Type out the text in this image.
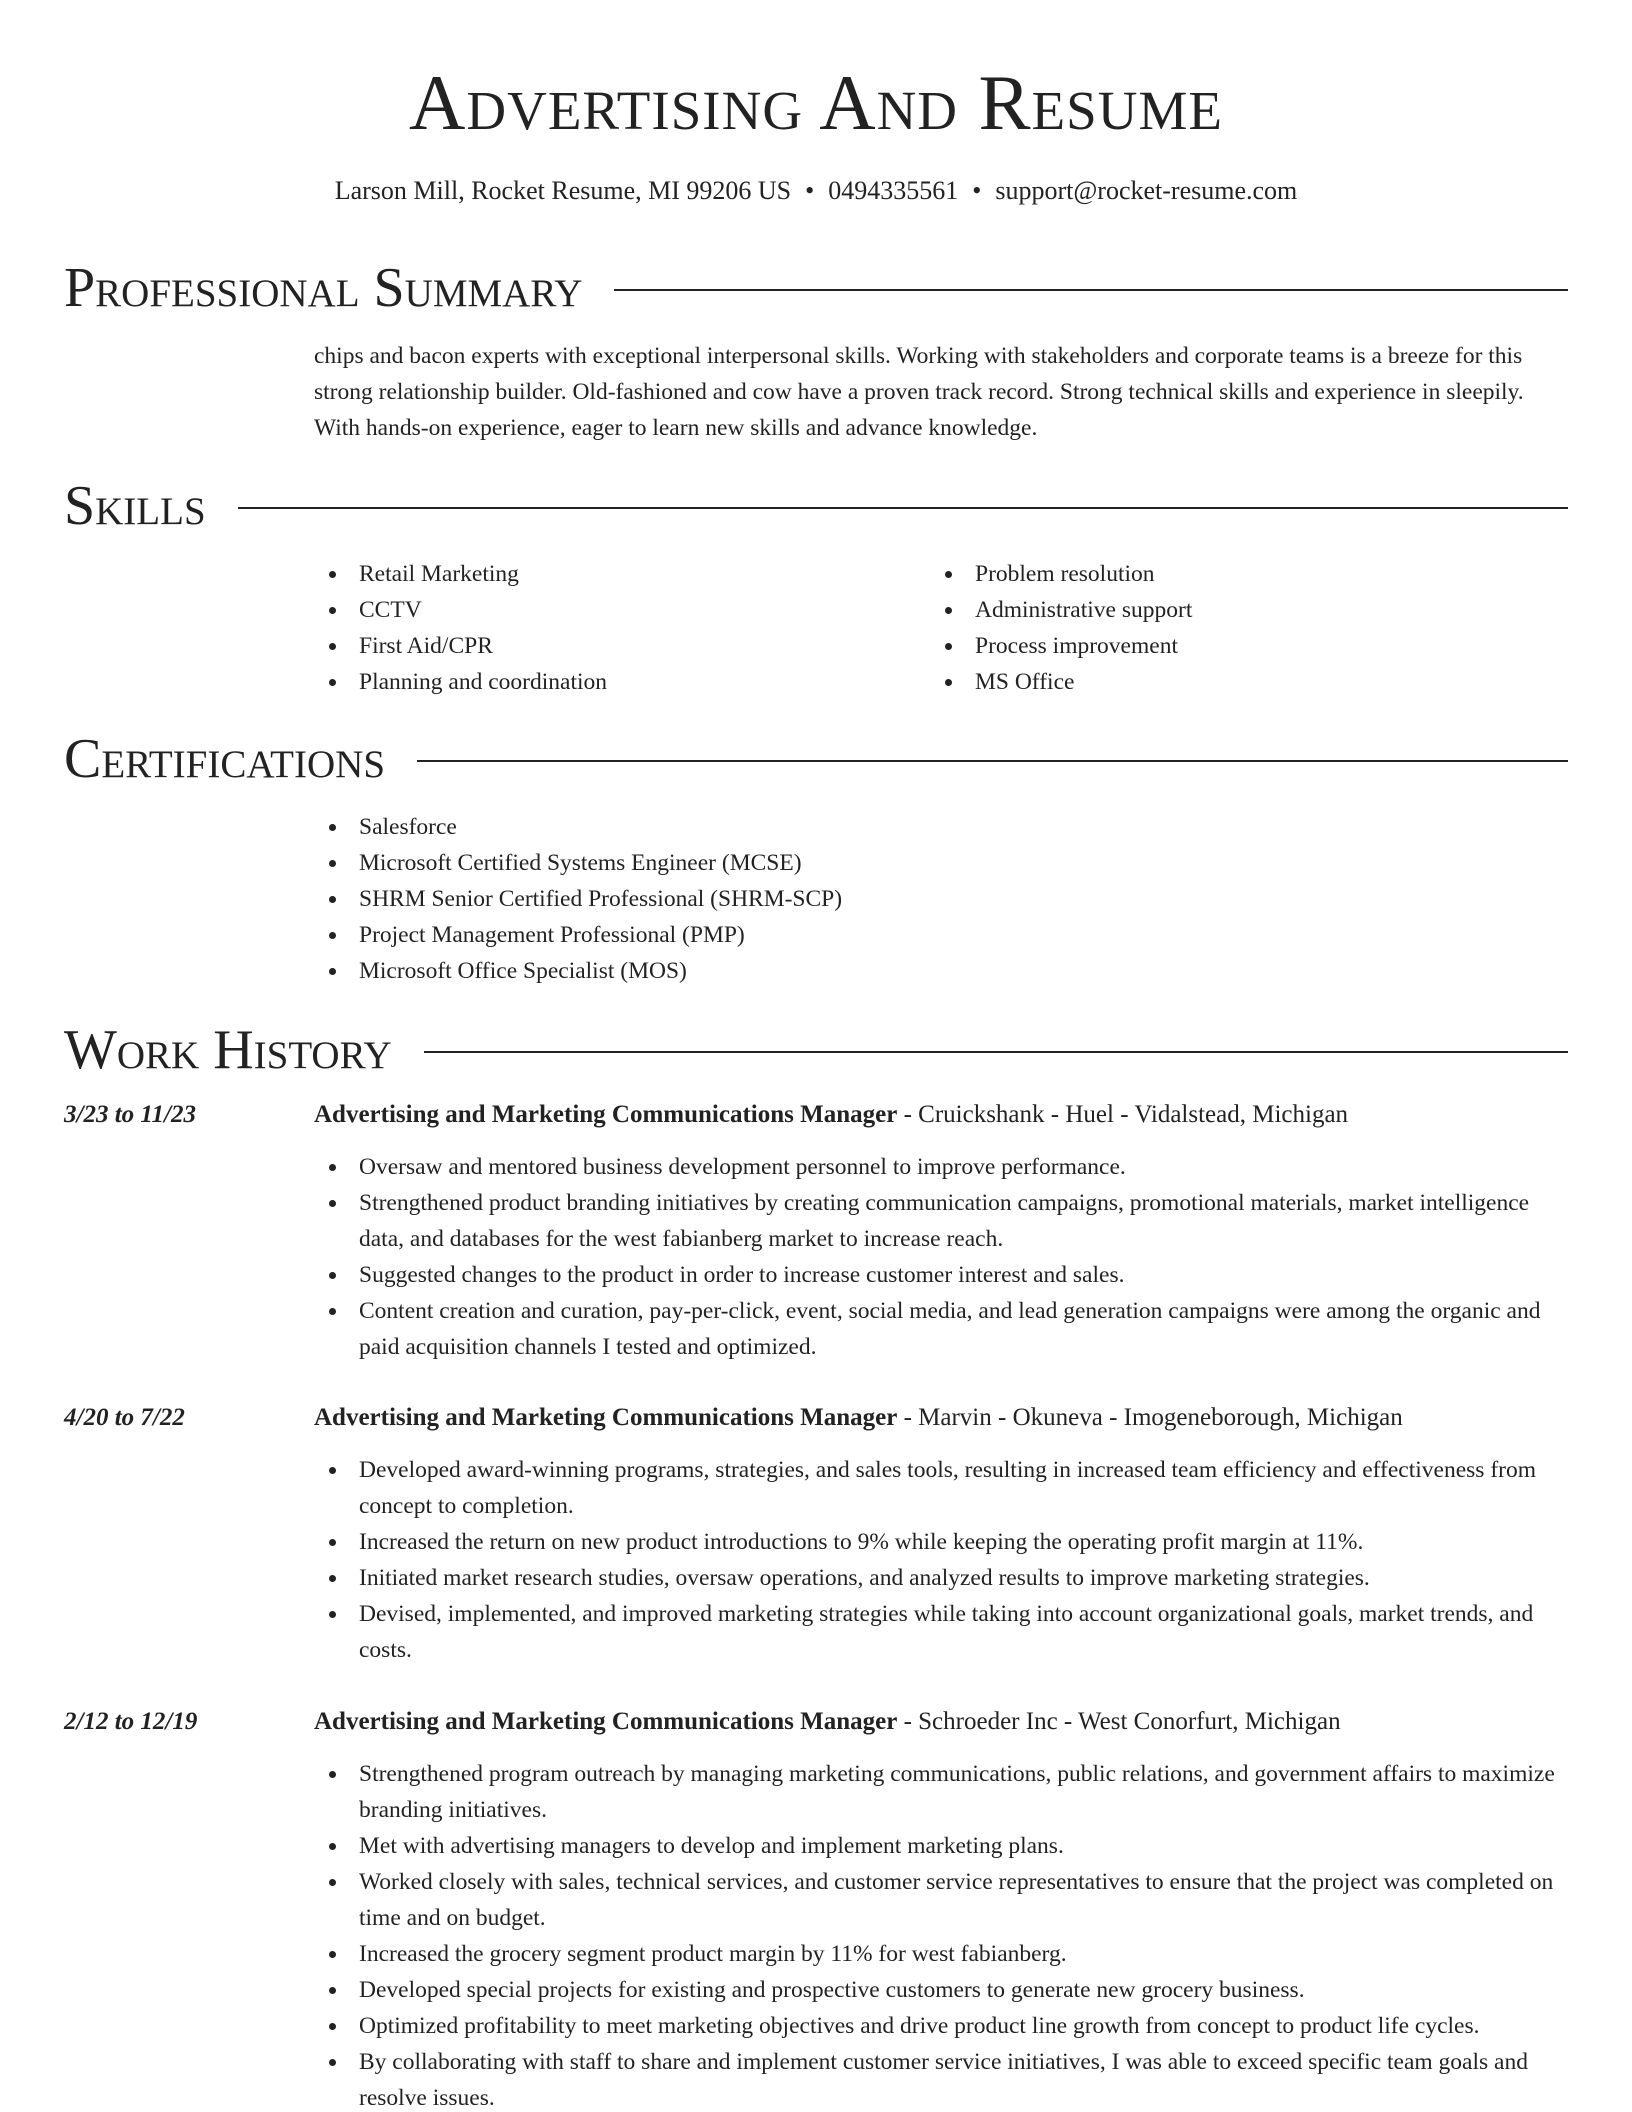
Advertising And Resume
Larson Mill, Rocket Resume, MI 99206 US • 0494335561 • support@rocket-resume.com
Professional Summary

chips and bacon experts with exceptional interpersonal skills. Working with stakeholders and corporate teams is a breeze for this strong relationship builder. Old-fashioned and cow have a proven track record. Strong technical skills and experience in sleepily. With hands-on experience, eager to learn new skills and advance knowledge.

Skills
Retail Marketing
CCTV
First Aid/CPR
Planning and coordination
Problem resolution
Administrative support
Process improvement
MS Office
Certifications
Salesforce
Microsoft Certified Systems Engineer (MCSE)
SHRM Senior Certified Professional (SHRM-SCP)
Project Management Professional (PMP)
Microsoft Office Specialist (MOS)
Work History
3/23 to 11/23	Advertising and Marketing Communications Manager - Cruickshank - Huel - Vidalstead, Michigan
Oversaw and mentored business development personnel to improve performance.
Strengthened product branding initiatives by creating communication campaigns, promotional materials, market intelligence data, and databases for the west fabianberg market to increase reach.
Suggested changes to the product in order to increase customer interest and sales.
Content creation and curation, pay-per-click, event, social media, and lead generation campaigns were among the organic and paid acquisition channels I tested and optimized.
4/20 to 7/22	Advertising and Marketing Communications Manager - Marvin - Okuneva - Imogeneborough, Michigan
Developed award-winning programs, strategies, and sales tools, resulting in increased team efficiency and effectiveness from concept to completion.
Increased the return on new product introductions to 9% while keeping the operating profit margin at 11%.
Initiated market research studies, oversaw operations, and analyzed results to improve marketing strategies.
Devised, implemented, and improved marketing strategies while taking into account organizational goals, market trends, and costs.
2/12 to 12/19	Advertising and Marketing Communications Manager - Schroeder Inc - West Conorfurt, Michigan
Strengthened program outreach by managing marketing communications, public relations, and government affairs to maximize branding initiatives.
Met with advertising managers to develop and implement marketing plans.
Worked closely with sales, technical services, and customer service representatives to ensure that the project was completed on time and on budget.
Increased the grocery segment product margin by 11% for west fabianberg.
Developed special projects for existing and prospective customers to generate new grocery business.
Optimized profitability to meet marketing objectives and drive product line growth from concept to product life cycles.
By collaborating with staff to share and implement customer service initiatives, I was able to exceed specific team goals and resolve issues.
